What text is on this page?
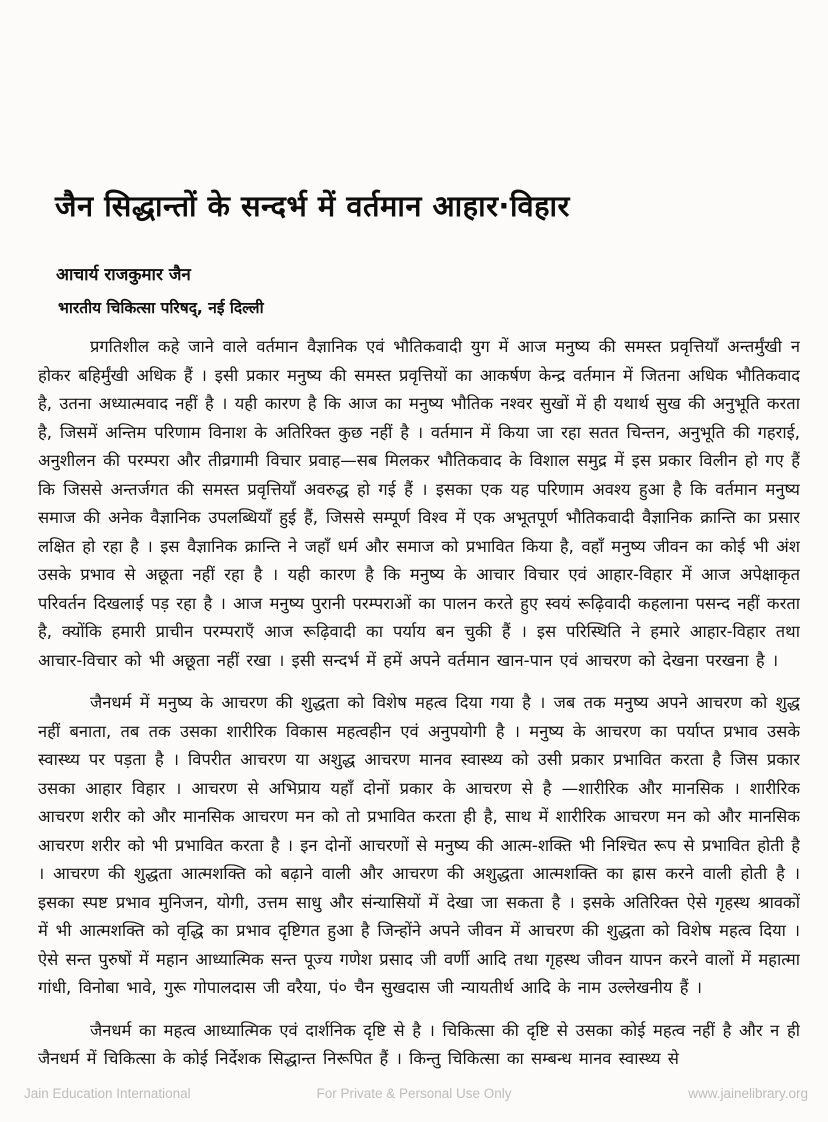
जैन सिद्धान्तों के सन्दर्भ में वर्तमान आहार·विहार
आचार्य राजकुमार जैन
भारतीय चिकित्सा परिषद्, नई दिल्ली

प्रगतिशील कहे जाने वाले वर्तमान वैज्ञानिक एवं भौतिकवादी युग में आज मनुष्य की समस्त प्रवृत्तियाँ अन्तर्मुंखी न होकर बहिर्मुंखी अधिक हैं । इसी प्रकार मनुष्य की समस्त प्रवृत्तियों का आकर्षण केन्द्र वर्तमान में जितना अधिक भौतिकवाद है, उतना अध्यात्मवाद नहीं है । यही कारण है कि आज का मनुष्य भौतिक नश्वर सुखों में ही यथार्थ सुख की अनुभूति करता है, जिसमें अन्तिम परिणाम विनाश के अतिरिक्त कुछ नहीं है । वर्तमान में किया जा रहा सतत चिन्तन, अनुभूति की गहराई, अनुशीलन की परम्परा और तीव्रगामी विचार प्रवाह—सब मिलकर भौतिकवाद के विशाल समुद्र में इस प्रकार विलीन हो गए हैं कि जिससे अन्तर्जगत की समस्त प्रवृत्तियाँ अवरुद्ध हो गई हैं । इसका एक यह परिणाम अवश्य हुआ है कि वर्तमान मनुष्य समाज की अनेक वैज्ञानिक उपलब्धियाँ हुई हैं, जिससे सम्पूर्ण विश्व में एक अभूतपूर्ण भौतिकवादी वैज्ञानिक क्रान्ति का प्रसार लक्षित हो रहा है । इस वैज्ञानिक क्रान्ति ने जहाँ धर्म और समाज को प्रभावित किया है, वहाँ मनुष्य जीवन का कोई भी अंश उसके प्रभाव से अछूता नहीं रहा है । यही कारण है कि मनुष्य के आचार विचार एवं आहार-विहार में आज अपेक्षाकृत परिवर्तन दिखलाई पड़ रहा है । आज मनुष्य पुरानी परम्पराओं का पालन करते हुए स्वयं रूढ़िवादी कहलाना पसन्द नहीं करता है, क्योंकि हमारी प्राचीन परम्पराएँ आज रूढ़िवादी का पर्याय बन चुकी हैं । इस परिस्थिति ने हमारे आहार-विहार तथा आचार-विचार को भी अछूता नहीं रखा । इसी सन्दर्भ में हमें अपने वर्तमान खान-पान एवं आचरण को देखना परखना है ।

जैनधर्म में मनुष्य के आचरण की शुद्धता को विशेष महत्व दिया गया है । जब तक मनुष्य अपने आचरण को शुद्ध नहीं बनाता, तब तक उसका शारीरिक विकास महत्वहीन एवं अनुपयोगी है । मनुष्य के आचरण का पर्याप्त प्रभाव उसके स्वास्थ्य पर पड़ता है । विपरीत आचरण या अशुद्ध आचरण मानव स्वास्थ्य को उसी प्रकार प्रभावित करता है जिस प्रकार उसका आहार विहार । आचरण से अभिप्राय यहाँ दोनों प्रकार के आचरण से है —शारीरिक और मानसिक । शारीरिक आचरण शरीर को और मानसिक आचरण मन को तो प्रभावित करता ही है, साथ में शारीरिक आचरण मन को और मानसिक आचरण शरीर को भी प्रभावित करता है । इन दोनों आचरणों से मनुष्य की आत्म-शक्ति भी निश्चित रूप से प्रभावित होती है । आचरण की शुद्धता आत्मशक्ति को बढ़ाने वाली और आचरण की अशुद्धता आत्मशक्ति का ह्रास करने वाली होती है । इसका स्पष्ट प्रभाव मुनिजन, योगी, उत्तम साधु और संन्यासियों में देखा जा सकता है । इसके अतिरिक्त ऐसे गृहस्थ श्रावकों में भी आत्मशक्ति को वृद्धि का प्रभाव दृष्टिगत हुआ है जिन्होंने अपने जीवन में आचरण की शुद्धता को विशेष महत्व दिया । ऐसे सन्त पुरुषों में महान आध्यात्मिक सन्त पूज्य गणेश प्रसाद जी वर्णी आदि तथा गृहस्थ जीवन यापन करने वालों में महात्मा गांधी, विनोबा भावे, गुरू गोपालदास जी वरैया, पं० चैन सुखदास जी न्यायतीर्थ आदि के नाम उल्लेखनीय हैं ।

जैनधर्म का महत्व आध्यात्मिक एवं दार्शनिक दृष्टि से है । चिकित्सा की दृष्टि से उसका कोई महत्व नहीं है और न ही जैनधर्म में चिकित्सा के कोई निर्देशक सिद्धान्त निरूपित हैं । किन्तु चिकित्सा का सम्बन्ध मानव स्वास्थ्य से

Jain Education International	For Private & Personal Use Only	www.jainelibrary.org
